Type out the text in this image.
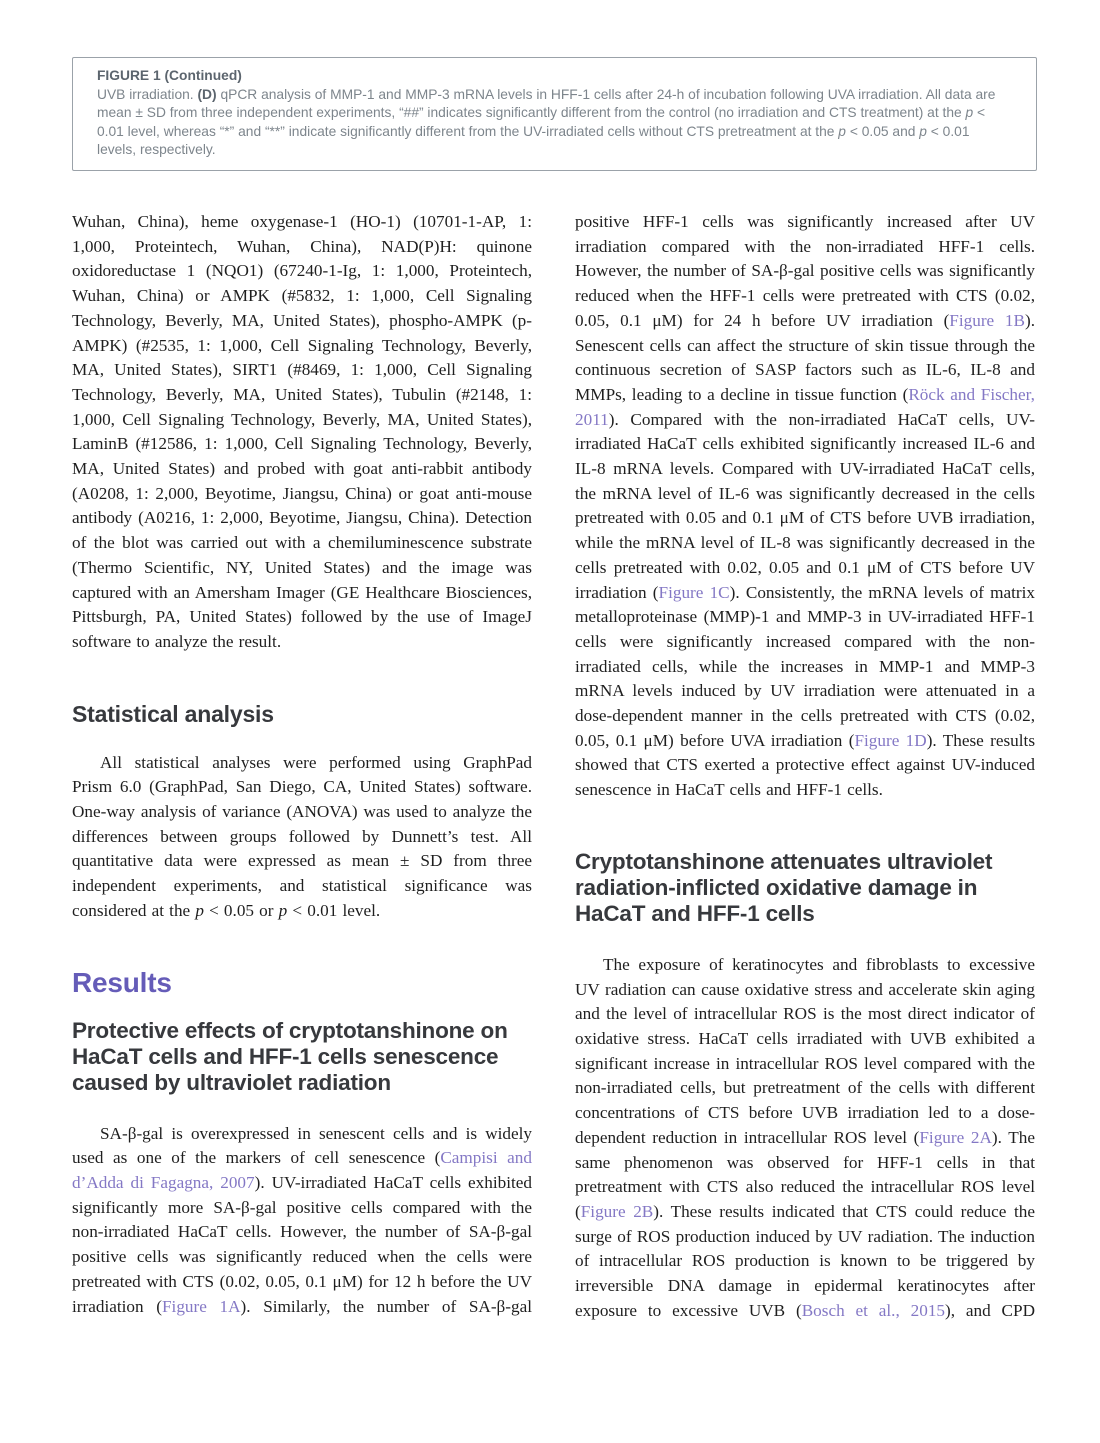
FIGURE 1 (Continued)
UVB irradiation. (D) qPCR analysis of MMP-1 and MMP-3 mRNA levels in HFF-1 cells after 24-h of incubation following UVA irradiation. All data are mean ± SD from three independent experiments, “##” indicates significantly different from the control (no irradiation and CTS treatment) at the p < 0.01 level, whereas “*” and “**” indicate significantly different from the UV-irradiated cells without CTS pretreatment at the p < 0.05 and p < 0.01 levels, respectively.

Wuhan, China), heme oxygenase-1 (HO-1) (10701-1-AP, 1: 1,000, Proteintech, Wuhan, China), NAD(P)H: quinone oxidoreductase 1 (NQO1) (67240-1-Ig, 1: 1,000, Proteintech, Wuhan, China) or AMPK (#5832, 1: 1,000, Cell Signaling Technology, Beverly, MA, United States), phospho-AMPK (p-AMPK) (#2535, 1: 1,000, Cell Signaling Technology, Beverly, MA, United States), SIRT1 (#8469, 1: 1,000, Cell Signaling Technology, Beverly, MA, United States), Tubulin (#2148, 1: 1,000, Cell Signaling Technology, Beverly, MA, United States), LaminB (#12586, 1: 1,000, Cell Signaling Technology, Beverly, MA, United States) and probed with goat anti-rabbit antibody (A0208, 1: 2,000, Beyotime, Jiangsu, China) or goat anti-mouse antibody (A0216, 1: 2,000, Beyotime, Jiangsu, China). Detection of the blot was carried out with a chemiluminescence substrate (Thermo Scientific, NY, United States) and the image was captured with an Amersham Imager (GE Healthcare Biosciences, Pittsburgh, PA, United States) followed by the use of ImageJ software to analyze the result.

Statistical analysis

All statistical analyses were performed using GraphPad Prism 6.0 (GraphPad, San Diego, CA, United States) software. One-way analysis of variance (ANOVA) was used to analyze the differences between groups followed by Dunnett’s test. All quantitative data were expressed as mean ± SD from three independent experiments, and statistical significance was considered at the p < 0.05 or p < 0.01 level.

Results
Protective effects of cryptotanshinone on HaCaT cells and HFF-1 cells senescence caused by ultraviolet radiation

SA-β-gal is overexpressed in senescent cells and is widely used as one of the markers of cell senescence (Campisi and d’Adda di Fagagna, 2007). UV-irradiated HaCaT cells exhibited significantly more SA-β-gal positive cells compared with the non-irradiated HaCaT cells. However, the number of SA-β-gal positive cells was significantly reduced when the cells were pretreated with CTS (0.02, 0.05, 0.1 μM) for 12 h before the UV irradiation (Figure 1A). Similarly, the number of SA-β-gal

positive HFF-1 cells was significantly increased after UV irradiation compared with the non-irradiated HFF-1 cells. However, the number of SA-β-gal positive cells was significantly reduced when the HFF-1 cells were pretreated with CTS (0.02, 0.05, 0.1 μM) for 24 h before UV irradiation (Figure 1B). Senescent cells can affect the structure of skin tissue through the continuous secretion of SASP factors such as IL-6, IL-8 and MMPs, leading to a decline in tissue function (Röck and Fischer, 2011). Compared with the non-irradiated HaCaT cells, UV-irradiated HaCaT cells exhibited significantly increased IL-6 and IL-8 mRNA levels. Compared with UV-irradiated HaCaT cells, the mRNA level of IL-6 was significantly decreased in the cells pretreated with 0.05 and 0.1 μM of CTS before UVB irradiation, while the mRNA level of IL-8 was significantly decreased in the cells pretreated with 0.02, 0.05 and 0.1 μM of CTS before UV irradiation (Figure 1C). Consistently, the mRNA levels of matrix metalloproteinase (MMP)-1 and MMP-3 in UV-irradiated HFF-1 cells were significantly increased compared with the non-irradiated cells, while the increases in MMP-1 and MMP-3 mRNA levels induced by UV irradiation were attenuated in a dose-dependent manner in the cells pretreated with CTS (0.02, 0.05, 0.1 μM) before UVA irradiation (Figure 1D). These results showed that CTS exerted a protective effect against UV-induced senescence in HaCaT cells and HFF-1 cells.

Cryptotanshinone attenuates ultraviolet radiation-inflicted oxidative damage in HaCaT and HFF-1 cells

The exposure of keratinocytes and fibroblasts to excessive UV radiation can cause oxidative stress and accelerate skin aging and the level of intracellular ROS is the most direct indicator of oxidative stress. HaCaT cells irradiated with UVB exhibited a significant increase in intracellular ROS level compared with the non-irradiated cells, but pretreatment of the cells with different concentrations of CTS before UVB irradiation led to a dose-dependent reduction in intracellular ROS level (Figure 2A). The same phenomenon was observed for HFF-1 cells in that pretreatment with CTS also reduced the intracellular ROS level (Figure 2B). These results indicated that CTS could reduce the surge of ROS production induced by UV radiation. The induction of intracellular ROS production is known to be triggered by irreversible DNA damage in epidermal keratinocytes after exposure to excessive UVB (Bosch et al., 2015), and CPD
